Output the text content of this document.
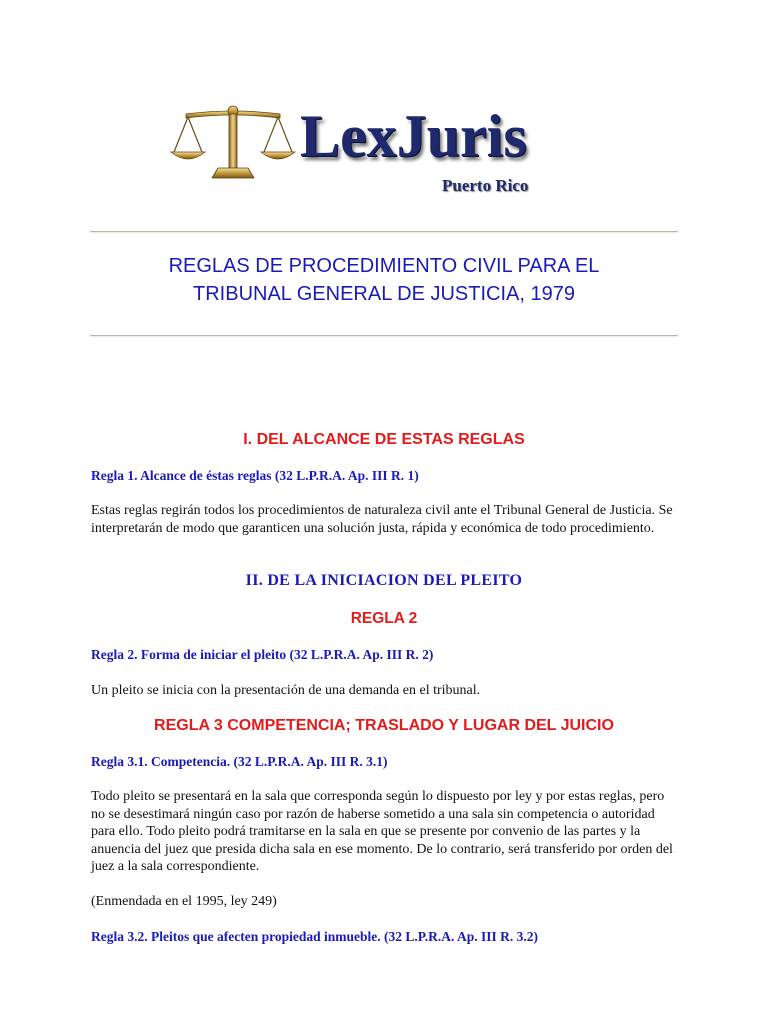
LexJuris
Puerto Rico
REGLAS DE PROCEDIMIENTO CIVIL PARA EL
TRIBUNAL GENERAL DE JUSTICIA, 1979
I. DEL ALCANCE DE ESTAS REGLAS

Regla 1. Alcance de éstas reglas (32 L.P.R.A. Ap. III R. 1)

Estas reglas regirán todos los procedimientos de naturaleza civil ante el Tribunal General de Justicia. Se interpretarán de modo que garanticen una solución justa, rápida y económica de todo procedimiento.

II. DE LA INICIACION DEL PLEITO
REGLA 2

Regla 2. Forma de iniciar el pleito (32 L.P.R.A. Ap. III R. 2)

Un pleito se inicia con la presentación de una demanda en el tribunal.

REGLA 3 COMPETENCIA; TRASLADO Y LUGAR DEL JUICIO

Regla 3.1. Competencia. (32 L.P.R.A. Ap. III R. 3.1)

Todo pleito se presentará en la sala que corresponda según lo dispuesto por ley y por estas reglas, pero no se desestimará ningún caso por razón de haberse sometido a una sala sin competencia o autoridad para ello. Todo pleito podrá tramitarse en la sala en que se presente por convenio de las partes y la anuencia del juez que presida dicha sala en ese momento. De lo contrario, será transferido por orden del juez a la sala correspondiente.

(Enmendada en el 1995, ley 249)

Regla 3.2. Pleitos que afecten propiedad inmueble. (32 L.P.R.A. Ap. III R. 3.2)
